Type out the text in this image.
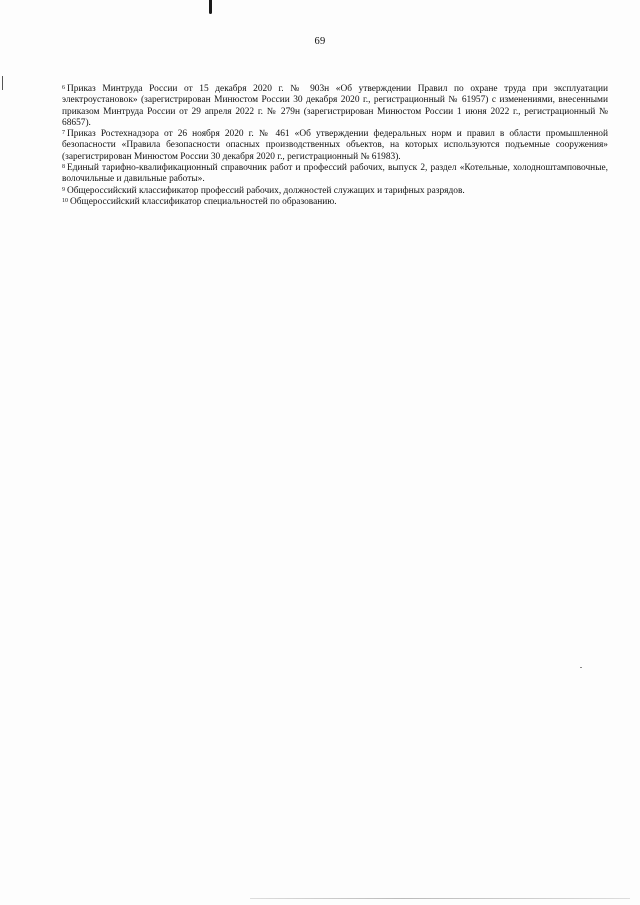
69

$^6$ Приказ Минтруда России от 15 декабря 2020 г. № 903н «Об утверждении Правил по охране труда при эксплуатации электроустановок» (зарегистрирован Минюстом России 30 декабря 2020 г., регистрационный № 61957) с изменениями, внесенными приказом Минтруда России от 29 апреля 2022 г. № 279н (зарегистрирован Минюстом России 1 июня 2022 г., регистрационный № 68657).

$^7$ Приказ Ростехнадзора от 26 ноября 2020 г. № 461 «Об утверждении федеральных норм и правил в области промышленной безопасности «Правила безопасности опасных производственных объектов, на которых используются подъемные сооружения» (зарегистрирован Минюстом России 30 декабря 2020 г., регистрационный № 61983).

$^8$ Единый тарифно-квалификационный справочник работ и профессий рабочих, выпуск 2, раздел «Котельные, холодноштамповочные, волочильные и давильные работы».

$^9$ Общероссийский классификатор профессий рабочих, должностей служащих и тарифных разрядов.

$^{10}$ Общероссийский классификатор специальностей по образованию.
